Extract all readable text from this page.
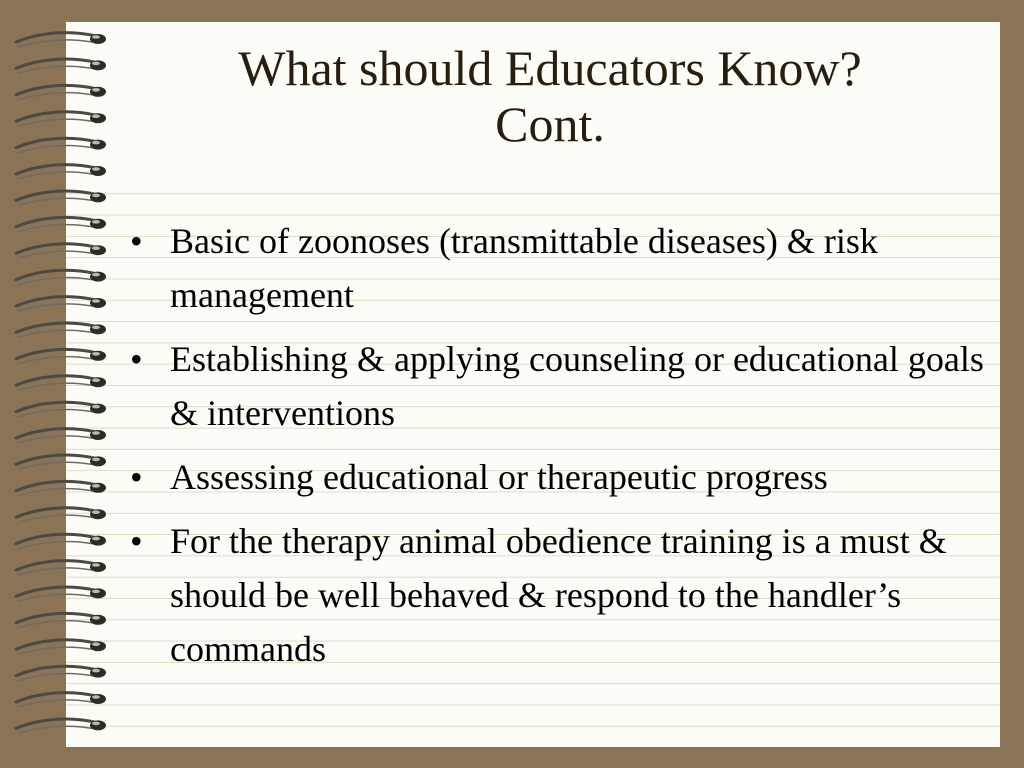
What should Educators Know?
Cont.
• Basic of zoonoses (transmittable diseases) & risk management
• Establishing & applying counseling or educational goals & interventions
• Assessing educational or therapeutic progress
• For the therapy animal obedience training is a must & should be well behaved & respond to the handler’s commands
